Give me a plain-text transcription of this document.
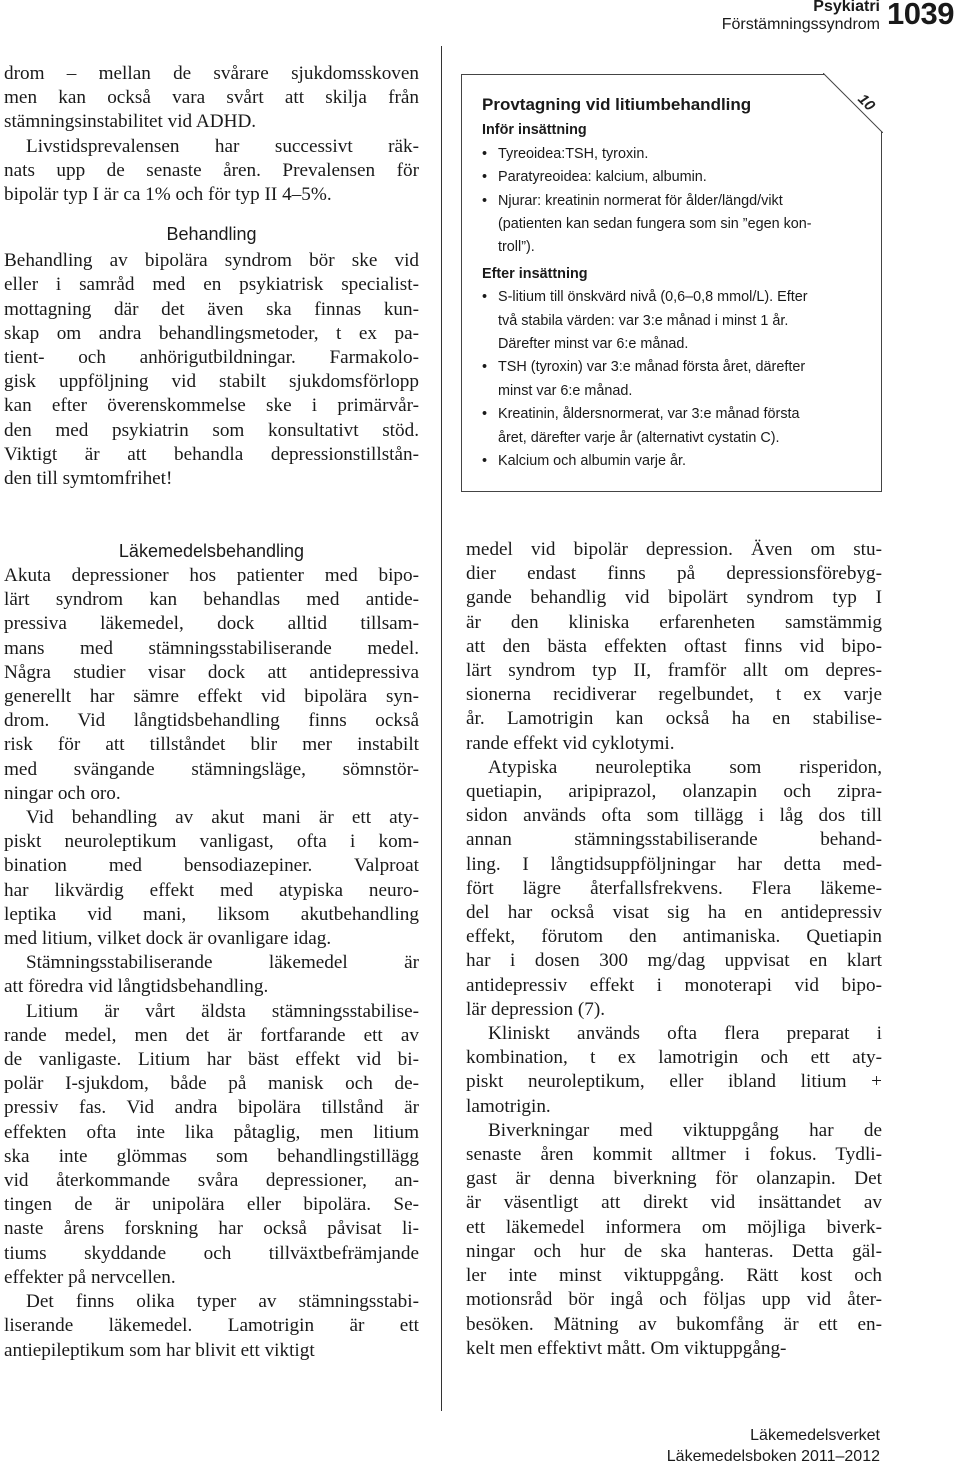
Psykiatri
Förstämningssyndrom 1039

drom – mellan de svårare sjukdomsskoven
men kan också vara svårt att skilja från
stämningsinstabilitet vid ADHD.

Livstidsprevalensen har successivt räk-
nats upp de senaste åren. Prevalensen för
bipolär typ I är ca 1% och för typ II 4–5%.

Behandling

Behandling av bipolära syndrom bör ske vid
eller i samråd med en psykiatrisk specialist-
mottagning där det även ska finnas kun-
skap om andra behandlingsmetoder, t ex pa-
tient- och anhörigutbildningar. Farmakolo-
gisk uppföljning vid stabilt sjukdomsförlopp
kan efter överenskommelse ske i primärvår-
den med psykiatrin som konsultativt stöd.
Viktigt är att behandla depressionstillstån-
den till symtomfrihet!

10
Provtagning vid litiumbehandling
Inför insättning
• Tyreoidea:TSH, tyroxin.
• Paratyreoidea: kalcium, albumin.
• Njurar: kreatinin normerat för ålder/längd/vikt
(patienten kan sedan fungera som sin ”egen kon-
troll”).
Efter insättning
• S-litium till önskvärd nivå (0,6–0,8 mmol/L). Efter
två stabila värden: var 3:e månad i minst 1 år.
Därefter minst var 6:e månad.
• TSH (tyroxin) var 3:e månad första året, därefter
minst var 6:e månad.
• Kreatinin, åldersnormerat, var 3:e månad första
året, därefter varje år (alternativt cystatin C).
• Kalcium och albumin varje år.
Läkemedelsbehandling

Akuta depressioner hos patienter med bipo-
lärt syndrom kan behandlas med antide-
pressiva läkemedel, dock alltid tillsam-
mans med stämningsstabiliserande medel.
Några studier visar dock att antidepressiva
generellt har sämre effekt vid bipolära syn-
drom. Vid långtidsbehandling finns också
risk för att tillståndet blir mer instabilt
med svängande stämningsläge, sömnstör-
ningar och oro.

Vid behandling av akut mani är ett aty-
piskt neuroleptikum vanligast, ofta i kom-
bination med bensodiazepiner. Valproat
har likvärdig effekt med atypiska neuro-
leptika vid mani, liksom akutbehandling
med litium, vilket dock är ovanligare idag.

Stämningsstabiliserande läkemedel är
att föredra vid långtidsbehandling.

Litium är vårt äldsta stämningsstabilise-
rande medel, men det är fortfarande ett av
de vanligaste. Litium har bäst effekt vid bi-
polär I-sjukdom, både på manisk och de-
pressiv fas. Vid andra bipolära tillstånd är
effekten ofta inte lika påtaglig, men litium
ska inte glömmas som behandlingstillägg
vid återkommande svåra depressioner, an-
tingen de är unipolära eller bipolära. Se-
naste årens forskning har också påvisat li-
tiums skyddande och tillväxtbefrämjande
effekter på nervcellen.

Det finns olika typer av stämningsstabi-
liserande läkemedel. Lamotrigin är ett
antiepileptikum som har blivit ett viktigt

medel vid bipolär depression. Även om stu-
dier endast finns på depressionsförebyg-
gande behandlig vid bipolärt syndrom typ I
är den kliniska erfarenheten samstämmig
att den bästa effekten oftast finns vid bipo-
lärt syndrom typ II, framför allt om depres-
sionerna recidiverar regelbundet, t ex varje
år. Lamotrigin kan också ha en stabilise-
rande effekt vid cyklotymi.

Atypiska neuroleptika som risperidon,
quetiapin, aripiprazol, olanzapin och zipra-
sidon används ofta som tillägg i låg dos till
annan stämningsstabiliserande behand-
ling. I långtidsuppföljningar har detta med-
fört lägre återfallsfrekvens. Flera läkeme-
del har också visat sig ha en antidepressiv
effekt, förutom den antimaniska. Quetiapin
har i dosen 300 mg/dag uppvisat en klart
antidepressiv effekt i monoterapi vid bipo-
lär depression (7).

Kliniskt används ofta flera preparat i
kombination, t ex lamotrigin och ett aty-
piskt neuroleptikum, eller ibland litium +
lamotrigin.

Biverkningar med viktuppgång har de
senaste åren kommit alltmer i fokus. Tydli-
gast är denna biverkning för olanzapin. Det
är väsentligt att direkt vid insättandet av
ett läkemedel informera om möjliga biverk-
ningar och hur de ska hanteras. Detta gäl-
ler inte minst viktuppgång. Rätt kost och
motionsråd bör ingå och följas upp vid åter-
besöken. Mätning av bukomfång är ett en-
kelt men effektivt mått. Om viktuppgång-

Läkemedelsverket
Läkemedelsboken 2011–2012
